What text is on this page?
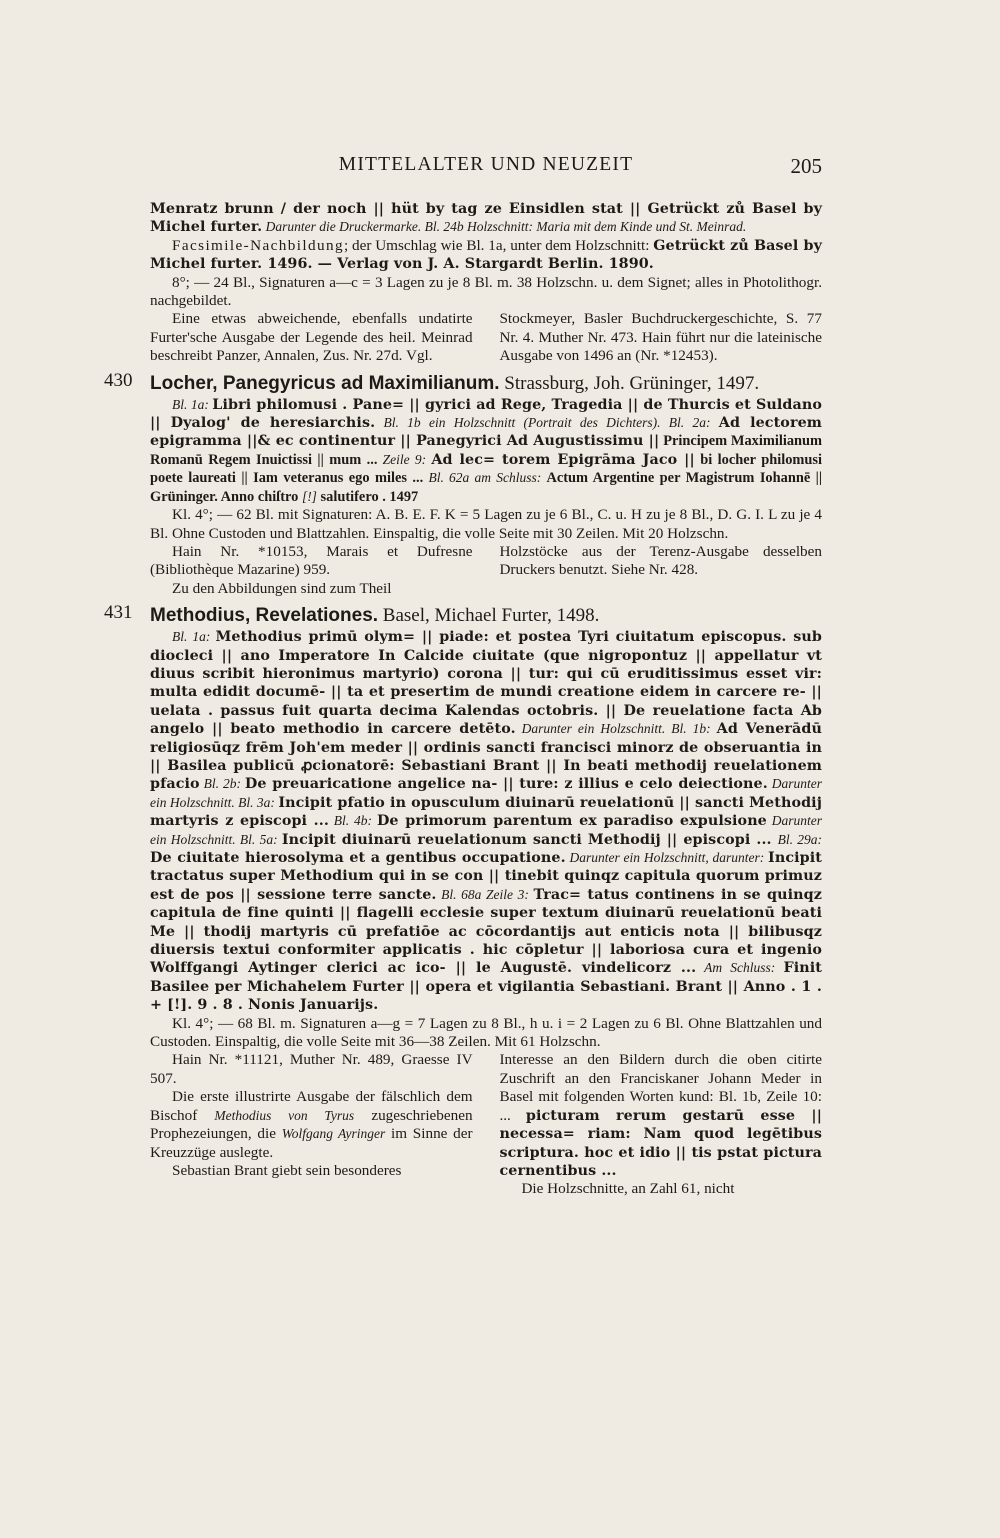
MITTELALTER UND NEUZEIT	205

Menratz brunn / der noch || hüt by tag ze Einsidlen stat || Getrückt zů Basel by Michel furter. Darunter die Druckermarke. Bl. 24b Holzschnitt: Maria mit dem Kinde und St. Meinrad.

Facsimile-Nachbildung; der Umschlag wie Bl. 1a, unter dem Holzschnitt: Getrückt zů Basel by Michel furter. 1496. — Verlag von J. A. Stargardt Berlin. 1890.

8°; — 24 Bl., Signaturen a—c = 3 Lagen zu je 8 Bl. m. 38 Holzschn. u. dem Signet; alles in Photolithogr. nachgebildet.

Eine etwas abweichende, ebenfalls undatirte Furter'sche Ausgabe der Legende des heil. Meinrad beschreibt Panzer, Annalen, Zus. Nr. 27d. Vgl.

Stockmeyer, Basler Buchdruckergeschichte, S. 77 Nr. 4. Muther Nr. 473. Hain führt nur die lateinische Ausgabe von 1496 an (Nr. *12453).

430 Locher, Panegyricus ad Maximilianum. Strassburg, Joh. Grüninger, 1497.

Bl. 1a: Libri philomusi . Pane= || gyrici ad Rege, Tragedia || de Thurcis et Suldano || Dyalog' de heresiarchis. Bl. 1b ein Holzschnitt (Portrait des Dichters). Bl. 2a: Ad lectorem epigramma ||& ec continentur || Panegyrici Ad Augustissimu || Principem Maximilianum Romanū Regem Inuictissi || mum ... Zeile 9: Ad lec= torem Epigrāma Jaco || bi locher philomusi poete laureati || Iam veteranus ego miles ... Bl. 62a am Schluss: Actum Argentine per Magistrum Iohannē || Grüninger. Anno chiſtro [!] salutifero . 1497

Kl. 4°; — 62 Bl. mit Signaturen: A. B. E. F. K = 5 Lagen zu je 6 Bl., C. u. H zu je 8 Bl., D. G. I. L zu je 4 Bl. Ohne Custoden und Blattzahlen. Einspaltig, die volle Seite mit 30 Zeilen. Mit 20 Holzschn.

Hain Nr. *10153, Marais et Dufresne (Bibliothèque Mazarine) 959.

Zu den Abbildungen sind zum Theil

Holzstöcke aus der Terenz-Ausgabe desselben Druckers benutzt. Siehe Nr. 428.

431 Methodius, Revelationes. Basel, Michael Furter, 1498.

Bl. 1a: Methodius primū olym= || piade: et postea Tyri ciuitatum episcopus. sub diocleci || ano Imperatore In Calcide ciuitate (que nigropontuz || appellatur vt diuus scribit hieronimus martyrio) corona || tur: qui cū eruditissimus esset vir: multa edidit documē- || ta et presertim de mundi creatione eidem in carcere re- || uelata . passus fuit quarta decima Kalendas octobris. || De reuelatione facta Ab angelo || beato methodio in carcere detēto. Darunter ein Holzschnitt. Bl. 1b: Ad Venerādū religiosūqz frēm Joh'em meder || ordinis sancti francisci minorz de obseruantia in || Basilea publicū ꝓcionatorē: Sebastiani Brant || In beati methodij reuelationem pfacio Bl. 2b: De preuaricatione angelice na- || ture: z illius e celo deiectione. Darunter ein Holzschnitt. Bl. 3a: Incipit pfatio in opusculum diuinarū reuelationū || sancti Methodij martyris z episcopi ... Bl. 4b: De primorum parentum ex paradiso expulsione Darunter ein Holzschnitt. Bl. 5a: Incipit diuinarū reuelationum sancti Methodij || episcopi ... Bl. 29a: De ciuitate hierosolyma et a gentibus occupatione. Darunter ein Holzschnitt, darunter: Incipit tractatus super Methodium qui in se con || tinebit quinqz capitula quorum primuz est de pos || sessione terre sancte. Bl. 68a Zeile 3: Trac= tatus continens in se quinqz capitula de fine quinti || flagelli ecclesie super textum diuinarū reuelationū beati Me || thodij martyris cū prefatiōe ac cōcordantijs aut enticis nota || bilibusqz diuersis textui conformiter applicatis . hic cōpletur || laboriosa cura et ingenio Wolffgangi Aytinger clerici ac ico- || le Augustē. vindelicorz ... Am Schluss: Finit Basilee per Michahelem Furter || opera et vigilantia Sebastiani. Brant || Anno . 1 . + [!]. 9 . 8 . Nonis Januarijs.

Kl. 4°; — 68 Bl. m. Signaturen a—g = 7 Lagen zu 8 Bl., h u. i = 2 Lagen zu 6 Bl. Ohne Blattzahlen und Custoden. Einspaltig, die volle Seite mit 36—38 Zeilen. Mit 61 Holzschn.

Hain Nr. *11121, Muther Nr. 489, Graesse IV 507.

Die erste illustrirte Ausgabe der fälschlich dem Bischof Methodius von Tyrus zugeschriebenen Prophezeiungen, die Wolfgang Ayringer im Sinne der Kreuzzüge auslegte.

Sebastian Brant giebt sein besonderes

Interesse an den Bildern durch die oben citirte Zuschrift an den Franciskaner Johann Meder in Basel mit folgenden Worten kund: Bl. 1b, Zeile 10: ... picturam rerum gestarū esse || necessa= riam: Nam quod legētibus scriptura. hoc et idio || tis pstat pictura cernentibus ...

Die Holzschnitte, an Zahl 61, nicht
